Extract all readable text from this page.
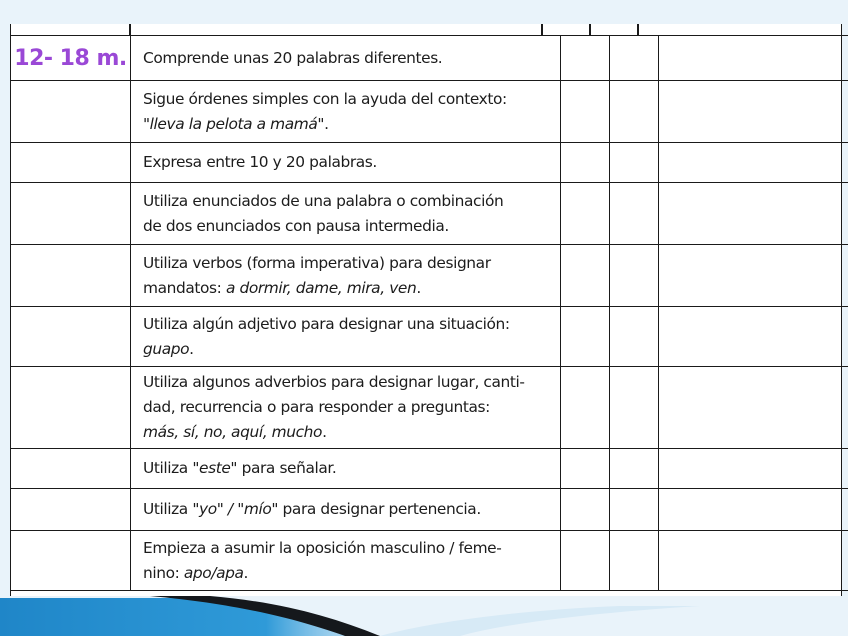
12- 18 m.	Comprende unas 20 palabras diferentes.			

	Sigue órdenes simples con la ayuda del contexto:
"lleva la pelota a mamá".			

	Expresa entre 10 y 20 palabras.			

	Utiliza enunciados de una palabra o combinación
de dos enunciados con pausa intermedia.			

	Utiliza verbos (forma imperativa) para designar
mandatos: a dormir, dame, mira, ven.			

	Utiliza algún adjetivo para designar una situación:
guapo.			

	Utiliza algunos adverbios para designar lugar, canti-
dad, recurrencia o para responder a preguntas:
más, sí, no, aquí, mucho.			

	Utiliza "este" para señalar.			

	Utiliza "yo" / "mío" para designar pertenencia.			

	Empieza a asumir la oposición masculino / feme-
nino: apo/apa.			
